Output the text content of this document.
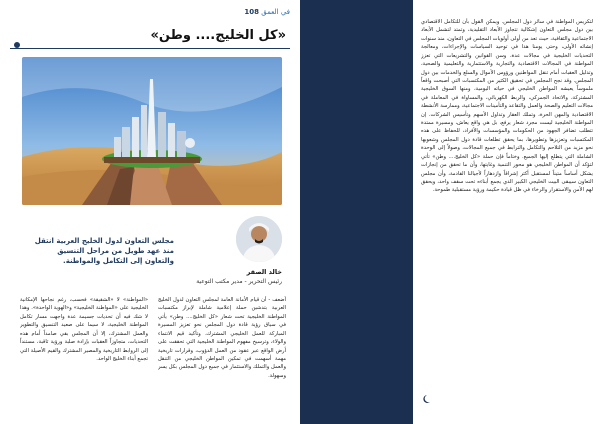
في العمق 108
«كل الخليج.... وطن»
خالد الصقر
رئيس التحرير - مدير مكتب التوعية
مجلس التعاون لدول الخليج العربية انتقل منذ عهد طويل من مراحل التنسيق والتعاون إلى التكامل والمواطنة.
أضعف - أن قيام الأمانة العامة لمجلس التعاون لدول الخليج العربية بتدشين حملة إعلامية شاملة لإبراز مكتسبات المواطنة الخليجية تحت شعار «كل الخليج.... وطن» يأتي في سياق رؤية قادة دول المجلس نحو تعزيز المسيرة المباركة للعمل الخليجي المشترك، وتأكيد قيم الانتماء والولاء، وترسيخ مفهوم المواطنة الخليجية التي تحققت على أرض الواقع عبر عقود من العمل الدؤوب، وقرارات تاريخية مهمة أسهمت في تمكين المواطن الخليجي من التنقل والعمل والتملك والاستثمار في جميع دول المجلس بكل يسر وسهولة.
«المواطنة» لا «الشقيقة» فحسب، رغم نجاحها الإمكانية الخليجية على «المواطنة الخليجية» و«الهوية الواحدة». وهذا لا شك فيه أن تحديات جسيمة عدة واجهت مسار تكامل المواطنة الخليجية، لا سيما على صعيد التنسيق والتطوير والعمل المشترك، إلا أن المجلس بقي صامداً أمام هذه التحديات، متجاوزاً العقبات بإرادة صلبة ورؤية ثاقبة، مستنداً إلى الروابط التاريخية والمصير المشترك والقيم الأصيلة التي تجمع أبناء الخليج الواحد.
لتكريس المواطنة في سائر دول المجلس. ويمكن القول بأن للتكامل الاقتصادي بين دول مجلس التعاون إشكالية تتجاوز الأبعاد التقليدية، وتمتد لتشمل الأبعاد الاجتماعية والثقافية، حيث تعد من أولى أولويات المجلس في التعاون، منذ سنوات إنشائه الأولى، وحتى يومنا هذا في توحيد السياسات والإجراءات، ومعالجة التحديات الخليجية في مجالات عدة، وسن القوانين والتشريعات التي تعزز المواطنة في المجالات الاقتصادية والتجارية والاستثمارية والتعليمية والصحية، وتذليل العقبات أمام تنقل المواطنين ورؤوس الأموال والسلع والخدمات بين دول المجلس. وقد نجح المجلس في تحقيق الكثير من المكتسبات التي أصبحت واقعاً ملموساً يعيشه المواطن الخليجي في حياته اليومية، ومنها السوق الخليجية المشتركة، والاتحاد الجمركي، والربط الكهربائي، والمساواة في المعاملة في مجالات التعليم والصحة والعمل والتقاعد والتأمينات الاجتماعية، وممارسة الأنشطة الاقتصادية والمهن الحرة، وتملك العقار وتداول الأسهم وتأسيس الشركات. إن المواطنة الخليجية ليست مجرد شعار يرفع، بل هي واقع يعاش، ومسيرة ممتدة تتطلب تضافر الجهود من الحكومات والمؤسسات والأفراد، للحفاظ على هذه المكتسبات وتعزيزها وتطويرها، بما يحقق تطلعات قادة دول المجلس وشعوبها نحو مزيد من التلاحم والتكامل والترابط في جميع المجالات، وصولاً إلى الوحدة الشاملة التي يتطلع إليها الجميع. وختاماً فإن حملة «كل الخليج.... وطن» تأتي لتؤكد أن المواطن الخليجي هو محور التنمية وغايتها، وأن ما تحقق من إنجازات يشكل أساساً متيناً لمستقبل أكثر إشراقاً وازدهاراً لأجيالنا القادمة، وأن مجلس التعاون سيبقى البيت الخليجي الكبير الذي يجمع أبناءه تحت سقف واحد، ويحقق لهم الأمن والاستقرار والرخاء في ظل قيادة حكيمة ورؤية مستقبلية طموحة.
